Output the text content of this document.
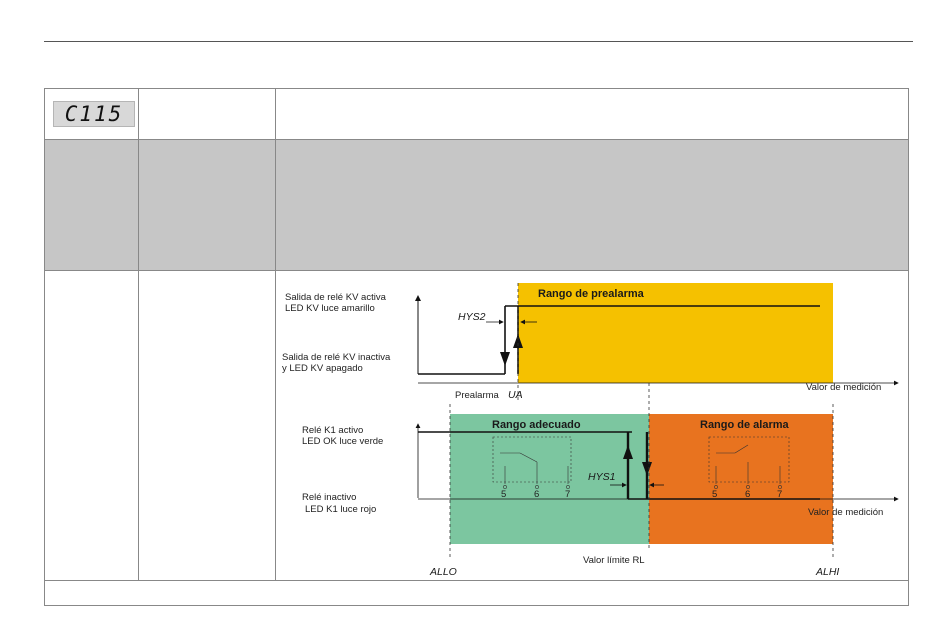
C115
Rango de prealarma
HYS2
Salida de relé KV activa
LED KV luce amarillo
Salida de relé KV inactiva
y LED KV apagado
Valor de medición
Prealarma UA
Rango adecuado	Rango de alarma
HYS1
5	6	7	5	6	7
Relé K1 activo
LED OK luce verde
Relé inactivo
LED K1 luce rojo	Valor de medición
Valor límite RL
ALLO	ALHI
